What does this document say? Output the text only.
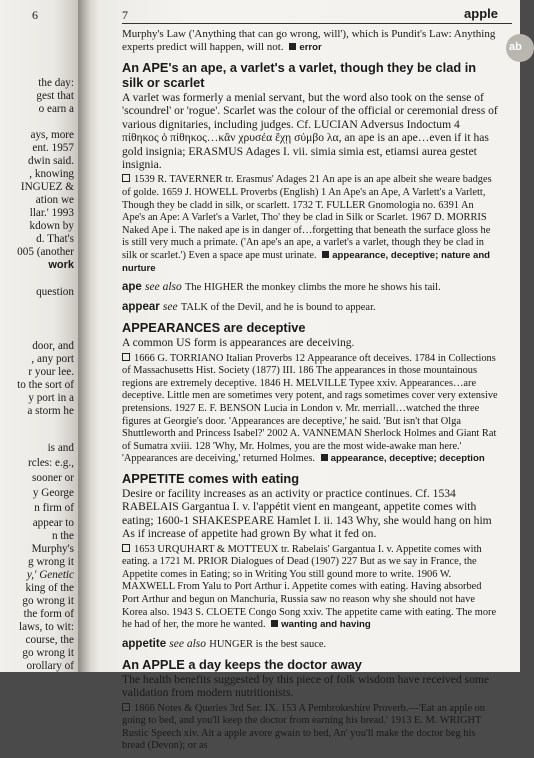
6
the day:
gest that
o earn a
ays, more
ent. 1957
dwin said.
, knowing
INGUEZ &
ation we
llar.' 1993
kdown by
d. That's
005 (another
work
question
door, and
, any port
r your lee.
to the sort of
y port in a
a storm he
is and
rcles: e.g.,
sooner or
y George
n firm of
appear to
n the
Murphy's
g wrong it
y,' Genetic
king of the
go wrong it
the form of
laws, to wit:
course, the
go wrong it
orollary of
7	apple
ab

Murphy's Law ('Anything that can go wrong, will'), which is Pundit's Law: Anything experts predict will happen, will not. error

An APE's an ape, a varlet's a varlet, though they be clad in silk or scarlet

A varlet was formerly a menial servant, but the word also took on the sense of 'scoundrel' or 'rogue'. Scarlet was the colour of the official or ceremonial dress of various dignitaries, including judges. Cf. LUCIAN Adversus Indoctum 4 πίθηκος ὁ πίθηκος…κἂν χρυσέα ἔχῃ σύμβο λα, an ape is an ape…even if it has gold insignia; ERASMUS Adages I. vii. simia simia est, etiamsi aurea gestet insignia.

1539 R. TAVERNER tr. Erasmus' Adages 21 An ape is an ape albeit she weare badges of golde. 1659 J. HOWELL Proverbs (English) 1 An Ape's an Ape, A Varlett's a Varlett, Though they be cladd in silk, or scarlett. 1732 T. FULLER Gnomologia no. 6391 An Ape's an Ape: A Varlet's a Varlet, Tho' they be clad in Silk or Scarlet. 1967 D. MORRIS Naked Ape i. The naked ape is in danger of…forgetting that beneath the surface gloss he is still very much a primate. ('An ape's an ape, a varlet's a varlet, though they be clad in silk or scarlet.') Even a space ape must urinate. appearance, deceptive; nature and nurture

ape see also The HIGHER the monkey climbs the more he shows his tail.
appear see TALK of the Devil, and he is bound to appear.
APPEARANCES are deceptive

A common US form is appearances are deceiving.

1666 G. TORRIANO Italian Proverbs 12 Appearance oft deceives. 1784 in Collections of Massachusetts Hist. Society (1877) III. 186 The appearances in those mountainous regions are extremely deceptive. 1846 H. MELVILLE Typee xxiv. Appearances…are deceptive. Little men are sometimes very potent, and rags sometimes cover very extensive pretensions. 1927 E. F. BENSON Lucia in London v. Mr. merriall…watched the three figures at Georgie's door. 'Appearances are deceptive,' he said. 'But isn't that Olga Shuttleworth and Princess Isabel?' 2002 A. VANNEMAN Sherlock Holmes and Giant Rat of Sumatra xviii. 128 'Why, Mr. Holmes, you are the most wide-awake man here.' 'Appearances are deceiving,' returned Holmes. appearance, deceptive; deception

APPETITE comes with eating

Desire or facility increases as an activity or practice continues. Cf. 1534 RABELAIS Gargantua I. v. l'appétit vient en mangeant, appetite comes with eating; 1600-1 SHAKESPEARE Hamlet I. ii. 143 Why, she would hang on him As if increase of appetite had grown By what it fed on.

1653 URQUHART & MOTTEUX tr. Rabelais' Gargantua I. v. Appetite comes with eating. a 1721 M. PRIOR Dialogues of Dead (1907) 227 But as we say in France, the Appetite comes in Eating; so in Writing You still gound more to write. 1906 W. MAXWELL From Yalu to Port Arthur i. Appetite comes with eating. Having absorbed Port Arthur and begun on Manchuria, Russia saw no reason why she should not have Korea also. 1943 S. CLOETE Congo Song xxiv. The appetite came with eating. The more he had of her, the more he wanted. wanting and having

appetite see also HUNGER is the best sauce.
An APPLE a day keeps the doctor away

The health benefits suggested by this piece of folk wisdom have received some validation from modern nutritionists.

1866 Notes & Queries 3rd Ser. IX. 153 A Pembrokeshire Proverb.—'Eat an apple on going to bed, and you'll keep the doctor from earning his bread.' 1913 E. M. WRIGHT Rustic Speech xiv. Ait a apple avore gwain to bed, An' you'll make the doctor beg his bread (Devon); or as
